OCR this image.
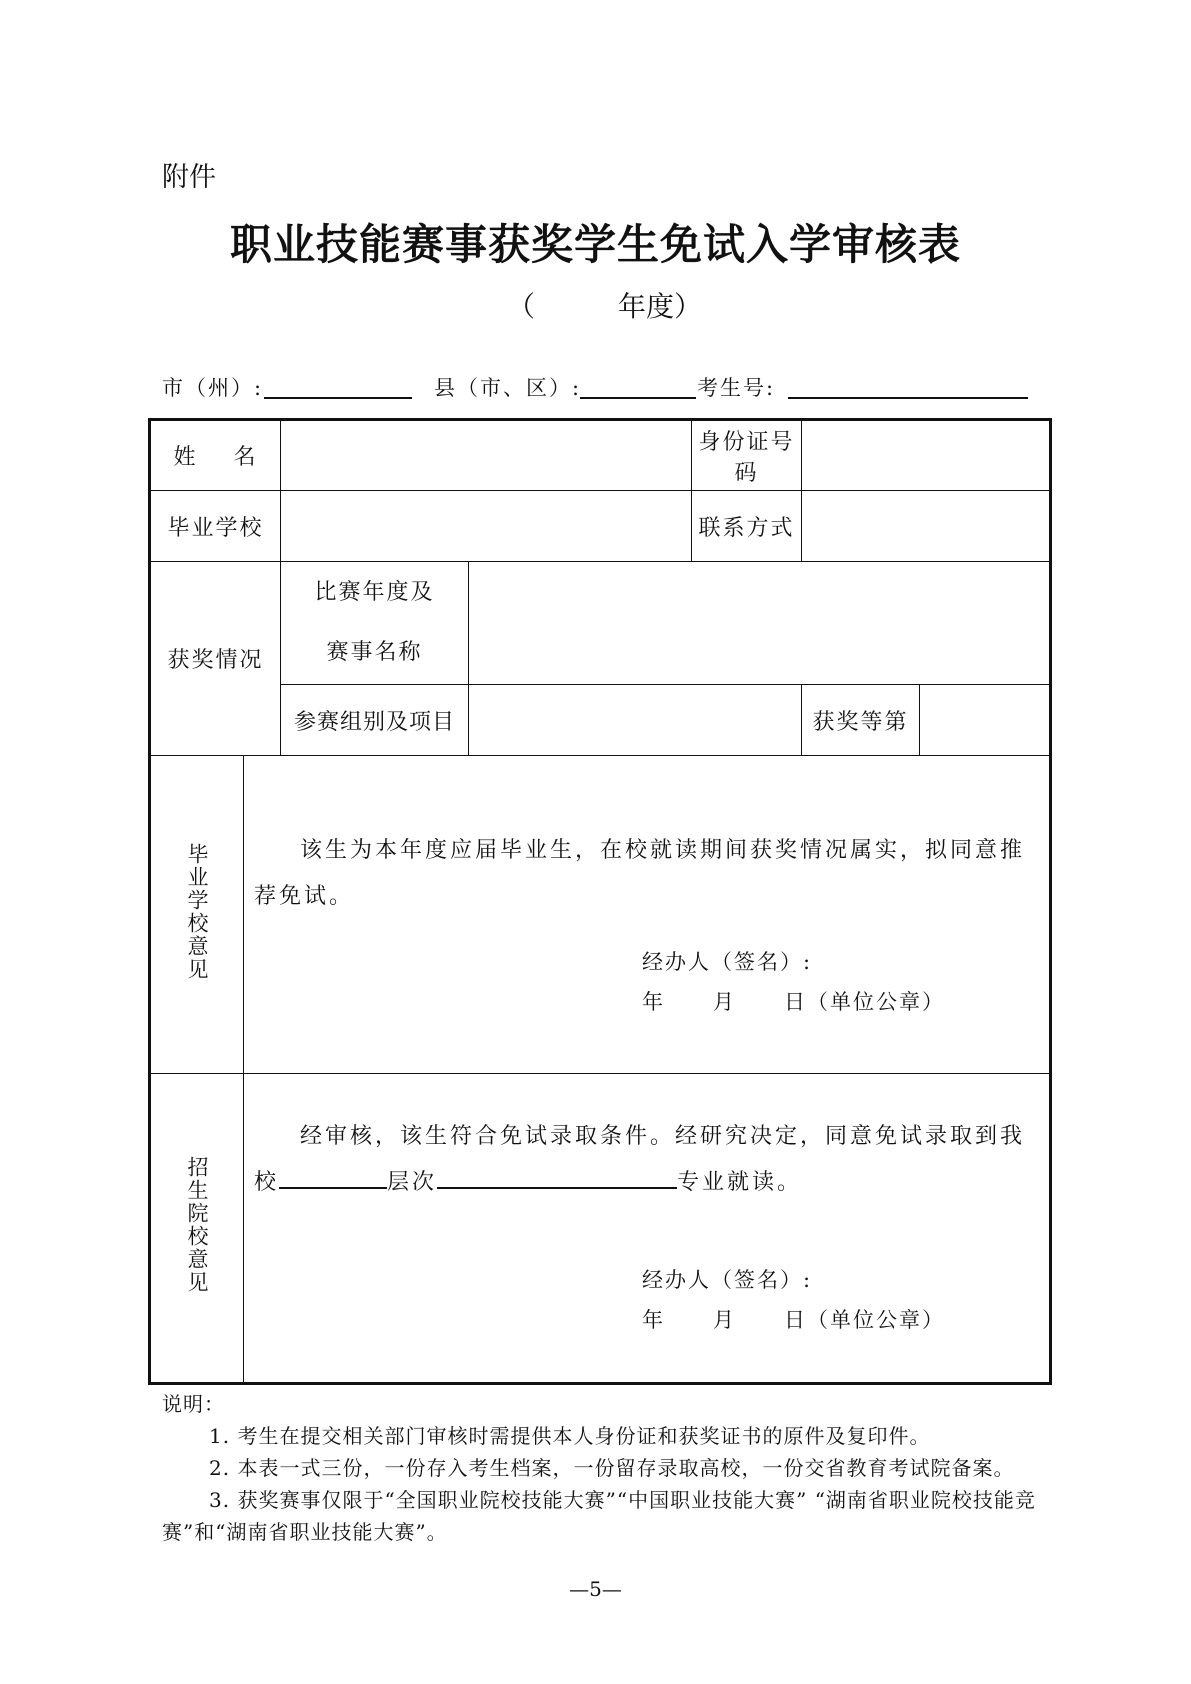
附件
职业技能赛事获奖学生免试入学审核表
（	年度）
市（州）:	县（市、区）:	考生号:
姓    名				身份证号码		
毕业学校				联系方式		
获奖情况		比赛年度及
赛事名称				

		参赛组别及项目			获奖等第	
毕业学校意见	该生为本年度应届毕业生，在校就读期间获奖情况属实，拟同意推荐免试。
经办人（签名）:
年 月 日（单位公章）					

招生院校意见	经审核，该生符合免试录取条件。经研究决定，同意免试录取到我
校 层次 专业就读。
经办人（签名）:
年 月 日（单位公章）					
说明：

1. 考生在提交相关部门审核时需提供本人身份证和获奖证书的原件及复印件。

2. 本表一式三份，一份存入考生档案，一份留存录取高校，一份交省教育考试院备案。

3. 获奖赛事仅限于“全国职业院校技能大赛”“中国职业技能大赛” “湖南省职业院校技能竞赛”和“湖南省职业技能大赛”。

—5—
